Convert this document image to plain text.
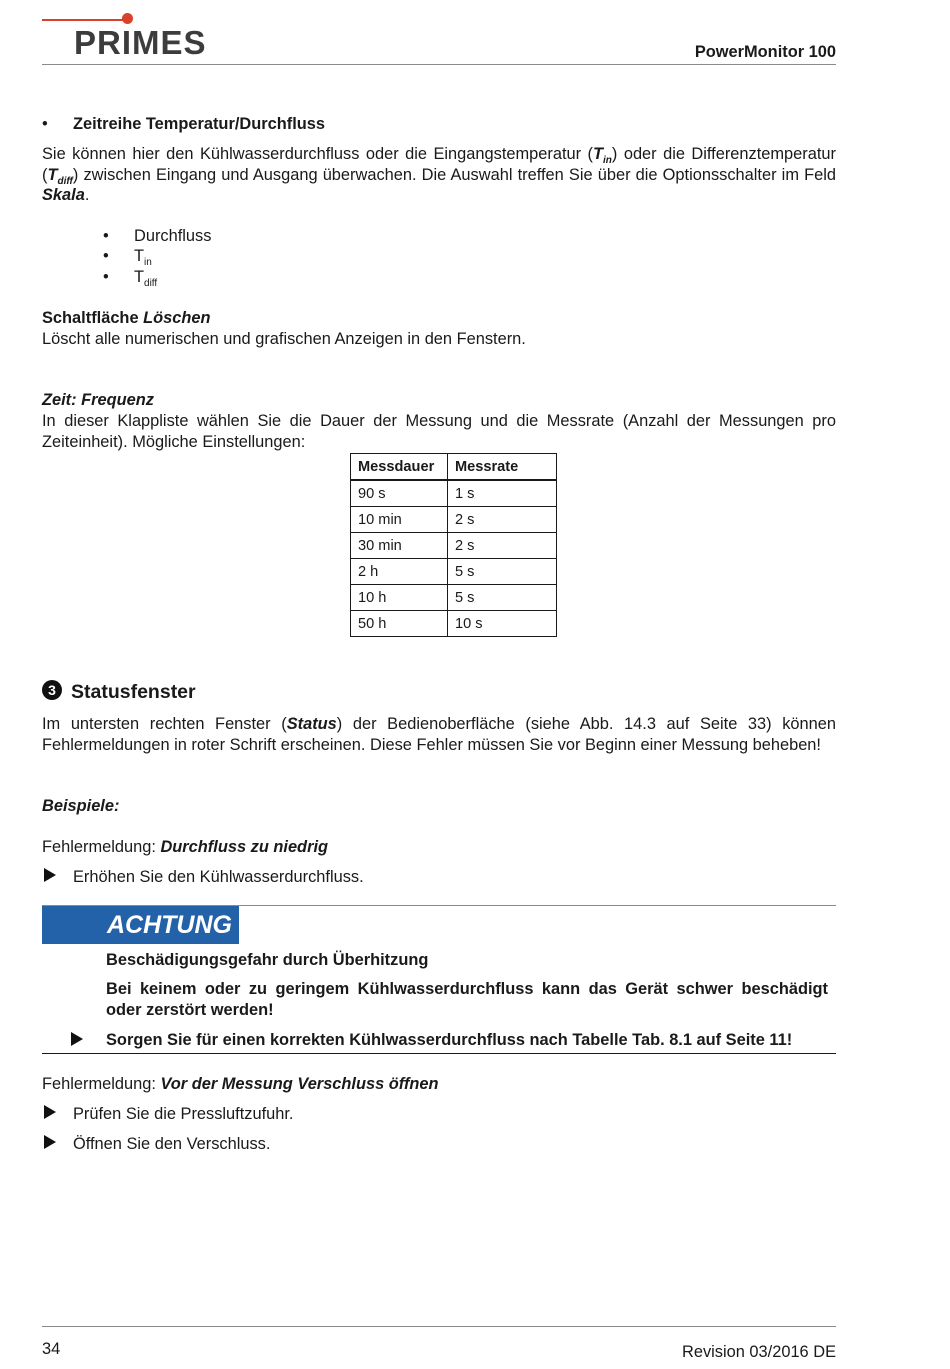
PRIMES	PowerMonitor 100
• Zeitreihe Temperatur/Durchfluss
Sie können hier den Kühlwasserdurchfluss oder die Eingangstemperatur $(T_{in})$ oder die Differenztemperatur $(T_{diff})$ zwischen Eingang und Ausgang überwachen. Die Auswahl treffen Sie über die Optionsschalter im Feld Skala.
• Durchfluss
• $T_{in}$
• $T_{diff}$
Schaltfläche Löschen
Löscht alle numerischen und grafischen Anzeigen in den Fenstern.
Zeit: Frequenz
In dieser Klappliste wählen Sie die Dauer der Messung und die Messrate (Anzahl der Messungen pro Zeiteinheit). Mögliche Einstellungen:
Messdauer	Messrate
90 s	1 s
10 min	2 s
30 min	2 s
2 h	5 s
10 h	5 s
50 h	10 s
3 Statusfenster
Im untersten rechten Fenster (Status) der Bedienoberfläche (siehe Abb. 14.3 auf Seite 33) können Fehlermeldungen in roter Schrift erscheinen. Diese Fehler müssen Sie vor Beginn einer Messung beheben!
Beispiele:
Fehlermeldung: Durchfluss zu niedrig
Erhöhen Sie den Kühlwasserdurchfluss.
ACHTUNG
Beschädigungsgefahr durch Überhitzung
Bei keinem oder zu geringem Kühlwasserdurchfluss kann das Gerät schwer beschädigt oder zerstört werden!
Sorgen Sie für einen korrekten Kühlwasserdurchfluss nach Tabelle Tab. 8.1 auf Seite 11!
Fehlermeldung: Vor der Messung Verschluss öffnen
Prüfen Sie die Pressluftzufuhr.
Öffnen Sie den Verschluss.
34	Revision 03/2016 DE
